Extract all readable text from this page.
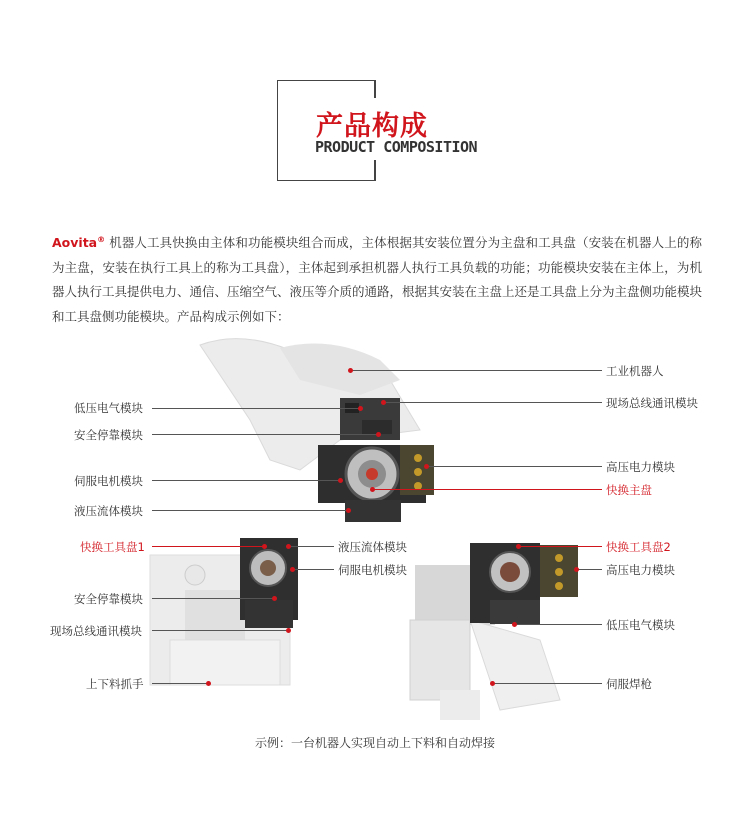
产品构成
PRODUCT COMPOSITION
Aovita® 机器人工具快换由主体和功能模块组合而成，主体根据其安装位置分为主盘和工具盘（安装在机器人上的称为主盘，安装在执行工具上的称为工具盘），主体起到承担机器人执行工具负载的功能；功能模块安装在主体上，为机器人执行工具提供电力、通信、压缩空气、液压等介质的通路，根据其安装在主盘上还是工具盘上分为主盘侧功能模块和工具盘侧功能模块。产品构成示例如下：
低压电气模块
安全停靠模块
伺服电机模块
液压流体模块
工业机器人
现场总线通讯模块
高压电力模块
快换主盘
快换工具盘1
安全停靠模块
现场总线通讯模块
上下料抓手
液压流体模块
伺服电机模块
快换工具盘2
高压电力模块
低压电气模块
伺服焊枪
示例：一台机器人实现自动上下料和自动焊接
